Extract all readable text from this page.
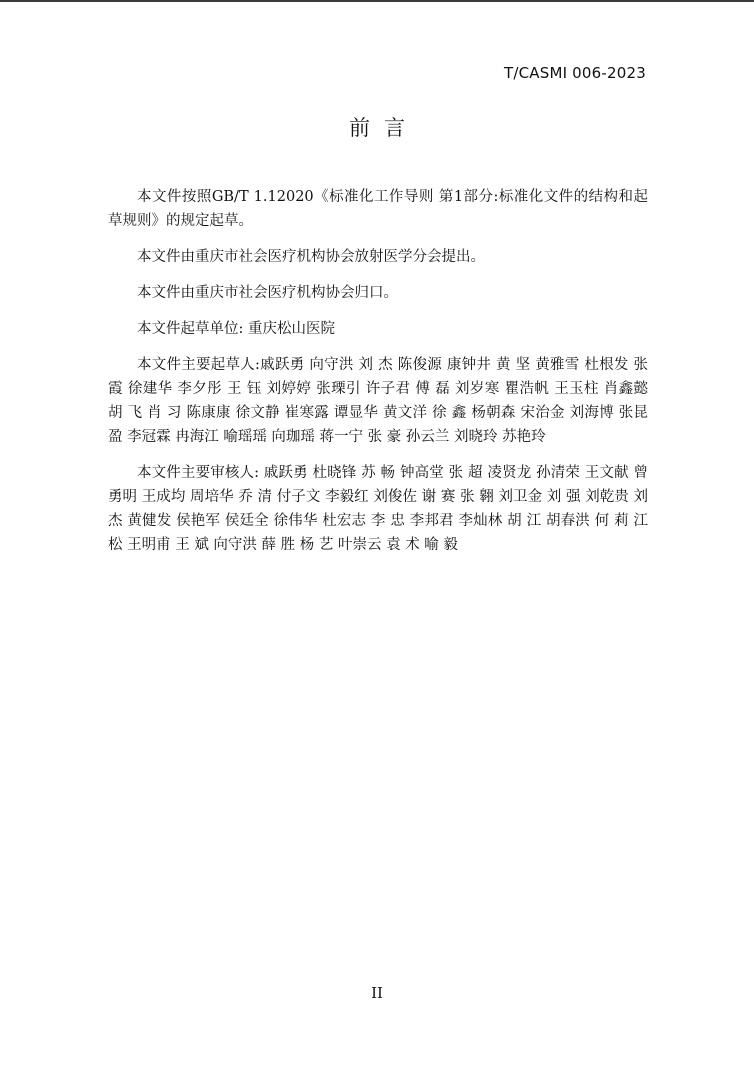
T/CASMI 006-2023
前言

本文件按照GB/T 1.12020《标准化工作导则 第1部分:标准化文件的结构和起草规则》的规定起草。

本文件由重庆市社会医疗机构协会放射医学分会提出。

本文件由重庆市社会医疗机构协会归口。

本文件起草单位: 重庆松山医院

本文件主要起草人:戚跃勇 向守洪 刘 杰 陈俊源 康钟井 黄 坚 黄雅雪 杜根发 张 霞 徐建华 李夕彤 王 钰 刘婷婷 张瑮引 许子君 傅 磊 刘岁寒 瞿浩帆 王玉柱 肖鑫懿 胡 飞 肖 习 陈康康 徐文静 崔寒露 谭显华 黄文洋 徐 鑫 杨朝森 宋治金 刘海博 张昆盈 李冠霖 冉海江 喻瑶瑶 向珈瑶 蒋一宁 张 豪 孙云兰 刘晓玲 苏艳玲

本文件主要审核人: 戚跃勇 杜晓锋 苏 畅 钟高堂 张 超 凌贤龙 孙清荣 王文献 曾勇明 王成均 周培华 乔 清 付子文 李毅红 刘俊佐 谢 赛 张 翱 刘卫金 刘 强 刘乾贵 刘 杰 黄健发 侯艳军 侯廷全 徐伟华 杜宏志 李 忠 李邦君 李灿林 胡 江 胡春洪 何 莉 江 松 王明甫 王 斌 向守洪 薛 胜 杨 艺 叶崇云 袁 术 喻 毅

II
